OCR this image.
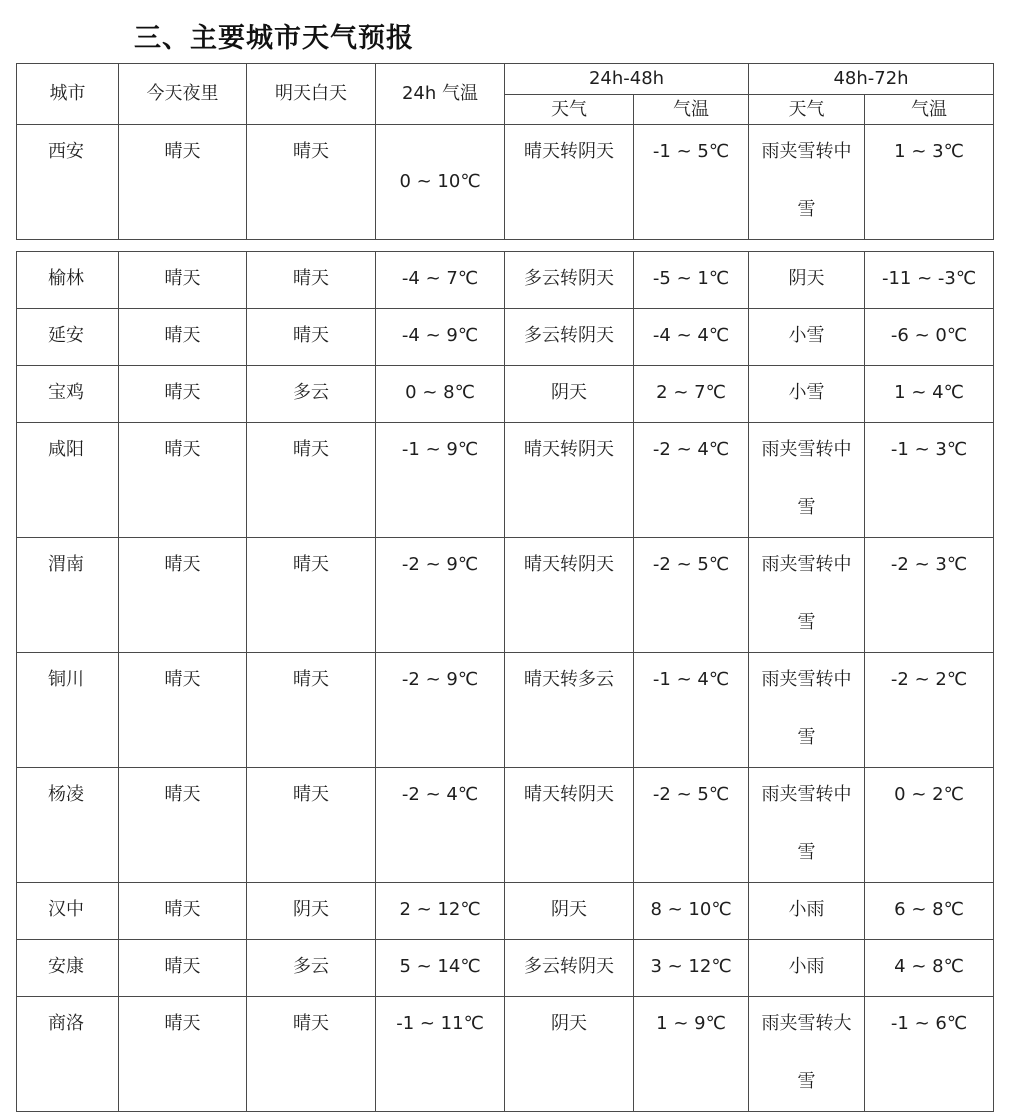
三、主要城市天气预报
城市	今天夜里	明天白天	24h 气温	24h-48h		48h-72h	

				天气	气温	天气	气温

西安	晴天	晴天	0 ~ 10℃	晴天转阴天	-1 ~ 5℃	雨夹雪转中雪	1 ~ 3℃
榆林	晴天	晴天	-4 ~ 7℃	多云转阴天	-5 ~ 1℃	阴天	-11 ~ -3℃

延安	晴天	晴天	-4 ~ 9℃	多云转阴天	-4 ~ 4℃	小雪	-6 ~ 0℃

宝鸡	晴天	多云	0 ~ 8℃	阴天	2 ~ 7℃	小雪	1 ~ 4℃

咸阳	晴天	晴天	-1 ~ 9℃	晴天转阴天	-2 ~ 4℃	雨夹雪转中雪	-1 ~ 3℃

渭南	晴天	晴天	-2 ~ 9℃	晴天转阴天	-2 ~ 5℃	雨夹雪转中雪	-2 ~ 3℃

铜川	晴天	晴天	-2 ~ 9℃	晴天转多云	-1 ~ 4℃	雨夹雪转中雪	-2 ~ 2℃

杨凌	晴天	晴天	-2 ~ 4℃	晴天转阴天	-2 ~ 5℃	雨夹雪转中雪	0 ~ 2℃

汉中	晴天	阴天	2 ~ 12℃	阴天	8 ~ 10℃	小雨	6 ~ 8℃

安康	晴天	多云	5 ~ 14℃	多云转阴天	3 ~ 12℃	小雨	4 ~ 8℃

商洛	晴天	晴天	-1 ~ 11℃	阴天	1 ~ 9℃	雨夹雪转大雪	-1 ~ 6℃
